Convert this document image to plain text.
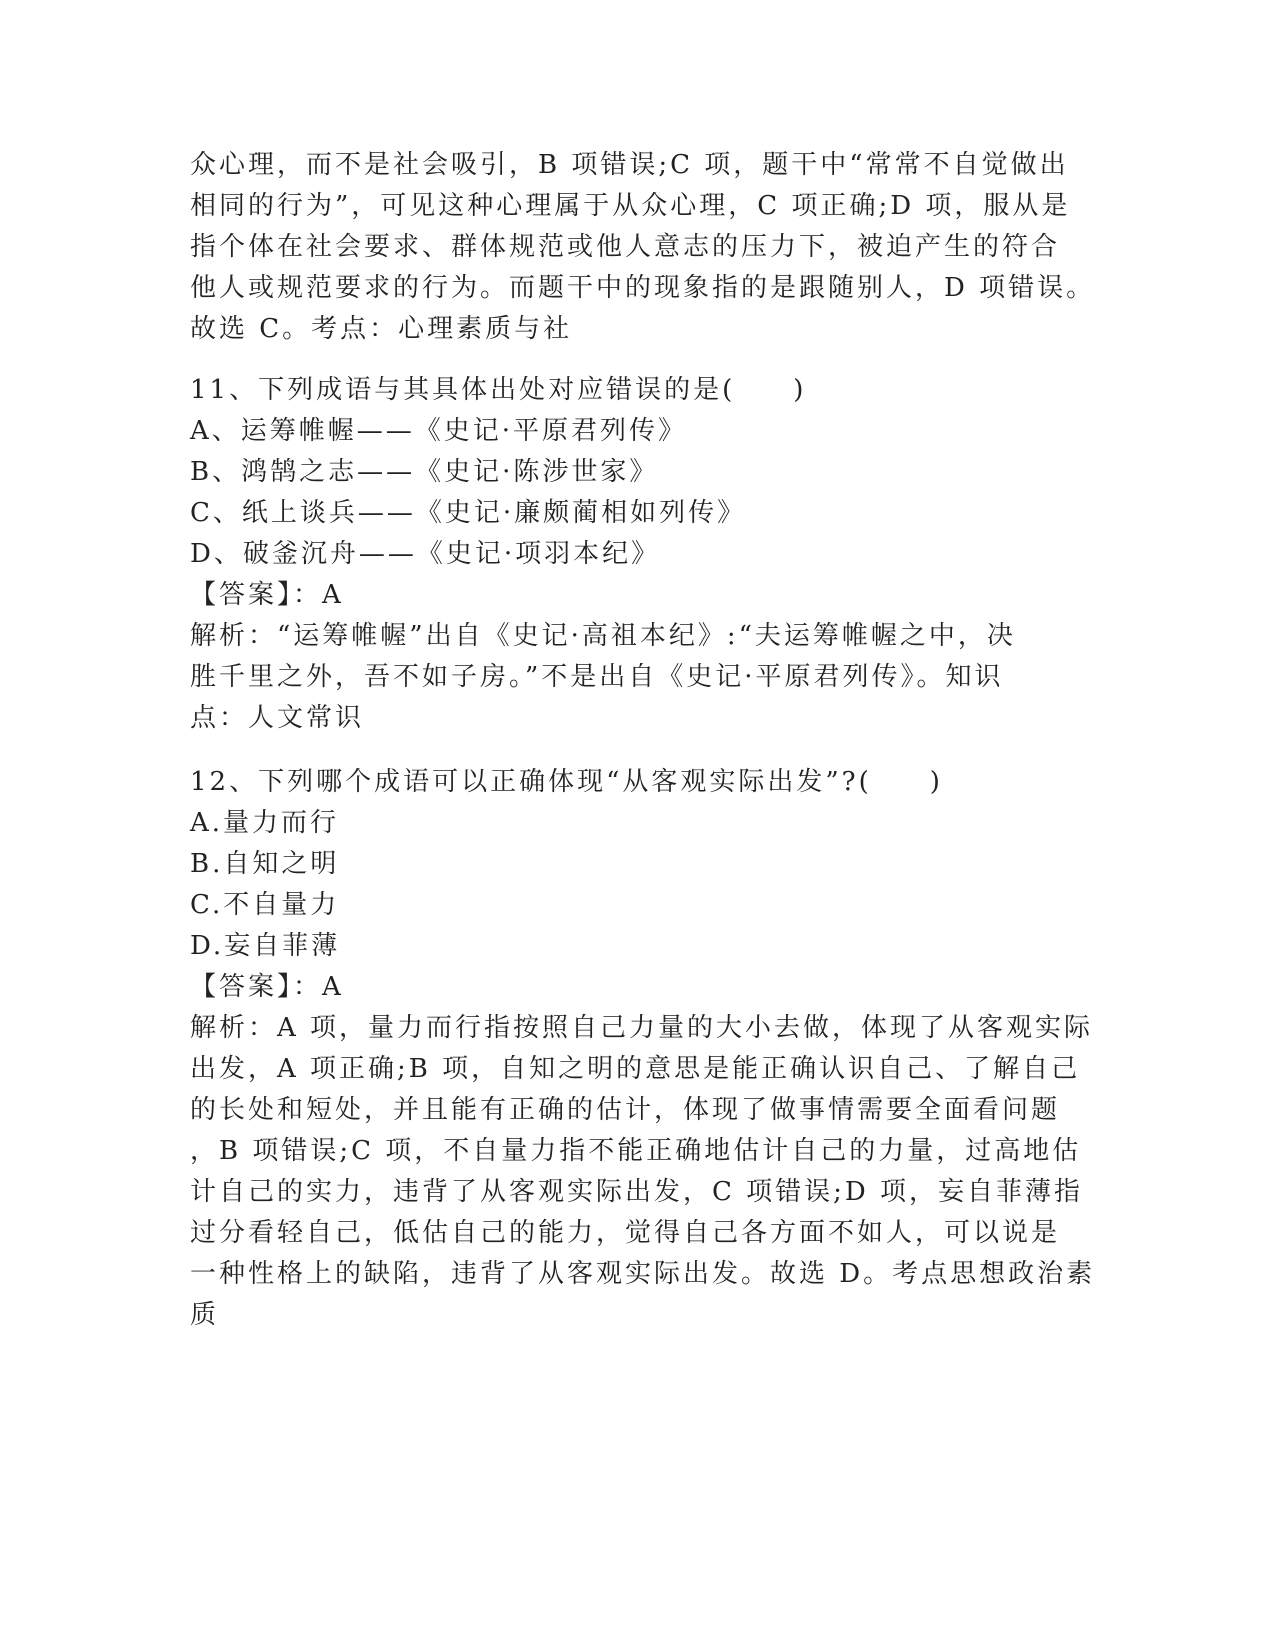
众心理，而不是社会吸引，B 项错误;C 项，题干中“常常不自觉做出
相同的行为”，可见这种心理属于从众心理，C 项正确;D 项，服从是
指个体在社会要求、群体规范或他人意志的压力下，被迫产生的符合
他人或规范要求的行为。而题干中的现象指的是跟随别人，D 项错误。
故选 C。考点：心理素质与社
11、下列成语与其具体出处对应错误的是(　　)
A、运筹帷幄——《史记·平原君列传》
B、鸿鹄之志——《史记·陈涉世家》
C、纸上谈兵——《史记·廉颇蔺相如列传》
D、破釜沉舟——《史记·项羽本纪》
【答案】：A
解析：“运筹帷幄”出自《史记·高祖本纪》:“夫运筹帷幄之中，决
胜千里之外，吾不如子房。”不是出自《史记·平原君列传》。知识
点：人文常识
12、下列哪个成语可以正确体现“从客观实际出发”?(　　)
A.量力而行
B.自知之明
C.不自量力
D.妄自菲薄
【答案】：A
解析：A 项，量力而行指按照自己力量的大小去做，体现了从客观实际
出发，A 项正确;B 项，自知之明的意思是能正确认识自己、了解自己
的长处和短处，并且能有正确的估计，体现了做事情需要全面看问题
，B 项错误;C 项，不自量力指不能正确地估计自己的力量，过高地估
计自己的实力，违背了从客观实际出发，C 项错误;D 项，妄自菲薄指
过分看轻自己，低估自己的能力，觉得自己各方面不如人，可以说是
一种性格上的缺陷，违背了从客观实际出发。故选 D。考点思想政治素
质
